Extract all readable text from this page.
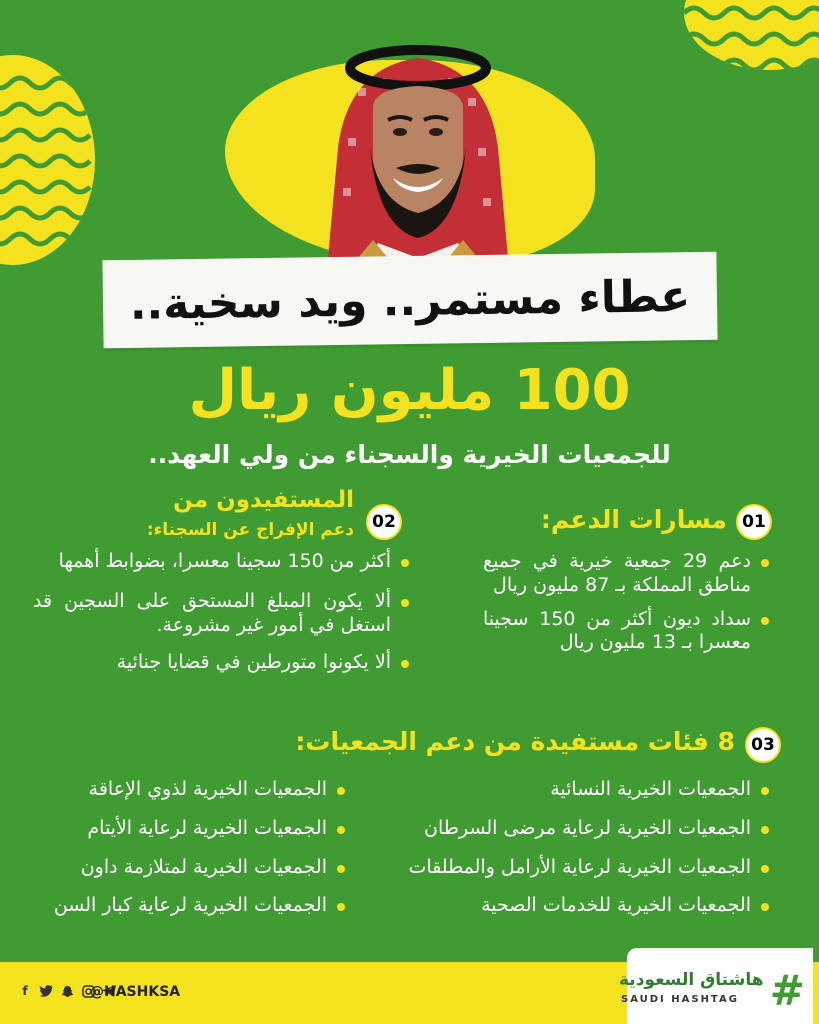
عطاء مستمر.. ويد سخية..
100 مليون ريال
للجمعيات الخيرية والسجناء من ولي العهد..
01
مسارات الدعم:
دعم 29 جمعية خيرية في جميع مناطق المملكة بـ 87 مليون ريال
سداد ديون أكثر من 150 سجينا معسرا بـ 13 مليون ريال
02
المستفيدون من
دعم الإفراج عن السجناء:
أكثر من 150 سجينا معسرا، بضوابط أهمها
ألا يكون المبلغ المستحق على السجين قد استغل في أمور غير مشروعة.
ألا يكونوا متورطين في قضايا جنائية
03
8 فئات مستفيدة من دعم الجمعيات:
الجمعيات الخيرية النسائية
الجمعيات الخيرية لرعاية مرضى السرطان
الجمعيات الخيرية لرعاية الأرامل والمطلقات
الجمعيات الخيرية للخدمات الصحية
الجمعيات الخيرية لذوي الإعاقة
الجمعيات الخيرية لرعاية الأيتام
الجمعيات الخيرية لمتلازمة داون
الجمعيات الخيرية لرعاية كبار السن
f	@HASHKSA
هاشتاق السعودية
SAUDI HASHTAG #
